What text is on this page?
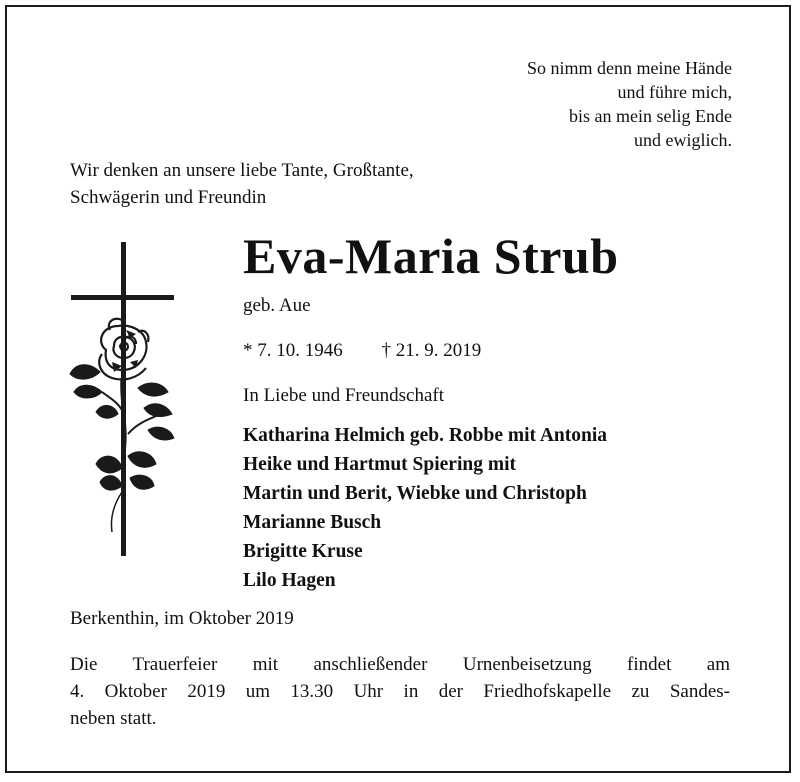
So nimm denn meine Hände
und führe mich,
bis an mein selig Ende
und ewiglich.
Wir denken an unsere liebe Tante, Großtante,
Schwägerin und Freundin
Eva-Maria Strub
geb. Aue
* 7. 10. 1946 † 21. 9. 2019
In Liebe und Freundschaft
Katharina Helmich geb. Robbe mit Antonia
Heike und Hartmut Spiering mit
Martin und Berit, Wiebke und Christoph
Marianne Busch
Brigitte Kruse
Lilo Hagen
Berkenthin, im Oktober 2019
Die Trauerfeier mit anschließender Urnenbeisetzung findet am
4. Oktober 2019 um 13.30 Uhr in der Friedhofskapelle zu Sandes-
neben statt.
